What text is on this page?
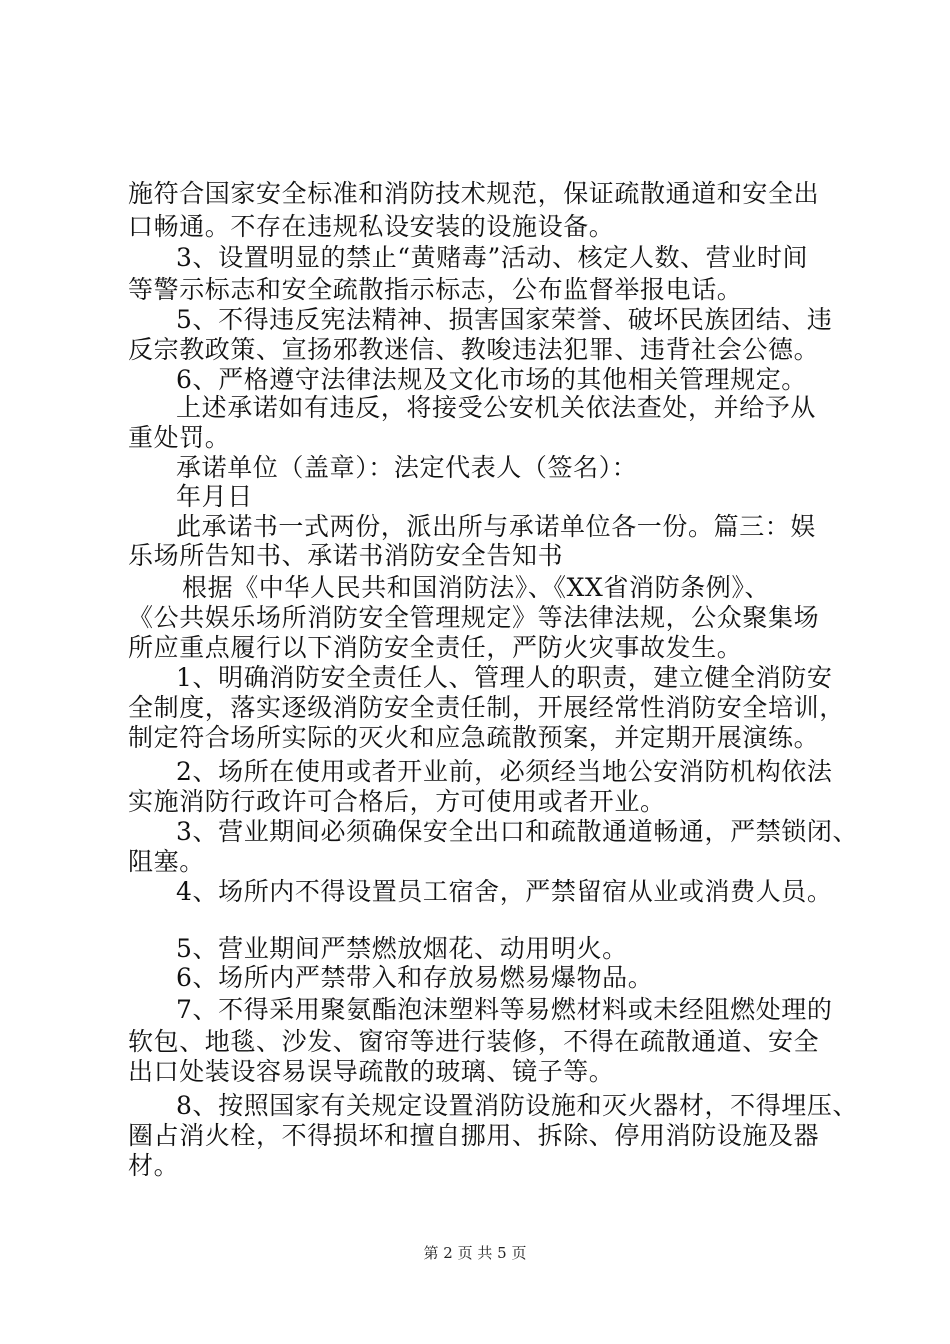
施符合国家安全标准和消防技术规范，保证疏散通道和安全出
口畅通。不存在违规私设安装的设施设备。
3、设置明显的禁止“黄赌毒”活动、核定人数、营业时间
等警示标志和安全疏散指示标志，公布监督举报电话。
5、不得违反宪法精神、损害国家荣誉、破坏民族团结、违
反宗教政策、宣扬邪教迷信、教唆违法犯罪、违背社会公德。
6、严格遵守法律法规及文化市场的其他相关管理规定。
上述承诺如有违反，将接受公安机关依法查处，并给予从
重处罚。
承诺单位（盖章）：法定代表人（签名）：
年月日
此承诺书一式两份，派出所与承诺单位各一份。篇三：娱
乐场所告知书、承诺书消防安全告知书
根据《中华人民共和国消防法》、《XX省消防条例》、
《公共娱乐场所消防安全管理规定》等法律法规，公众聚集场
所应重点履行以下消防安全责任，严防火灾事故发生。
1、明确消防安全责任人、管理人的职责，建立健全消防安
全制度，落实逐级消防安全责任制，开展经常性消防安全培训，
制定符合场所实际的灭火和应急疏散预案，并定期开展演练。
2、场所在使用或者开业前，必须经当地公安消防机构依法
实施消防行政许可合格后，方可使用或者开业。
3、营业期间必须确保安全出口和疏散通道畅通，严禁锁闭、
阻塞。
4、场所内不得设置员工宿舍，严禁留宿从业或消费人员。
5、营业期间严禁燃放烟花、动用明火。
6、场所内严禁带入和存放易燃易爆物品。
7、不得采用聚氨酯泡沫塑料等易燃材料或未经阻燃处理的
软包、地毯、沙发、窗帘等进行装修，不得在疏散通道、安全
出口处装设容易误导疏散的玻璃、镜子等。
8、按照国家有关规定设置消防设施和灭火器材，不得埋压、
圈占消火栓，不得损坏和擅自挪用、拆除、停用消防设施及器
材。
第 2 页 共 5 页
